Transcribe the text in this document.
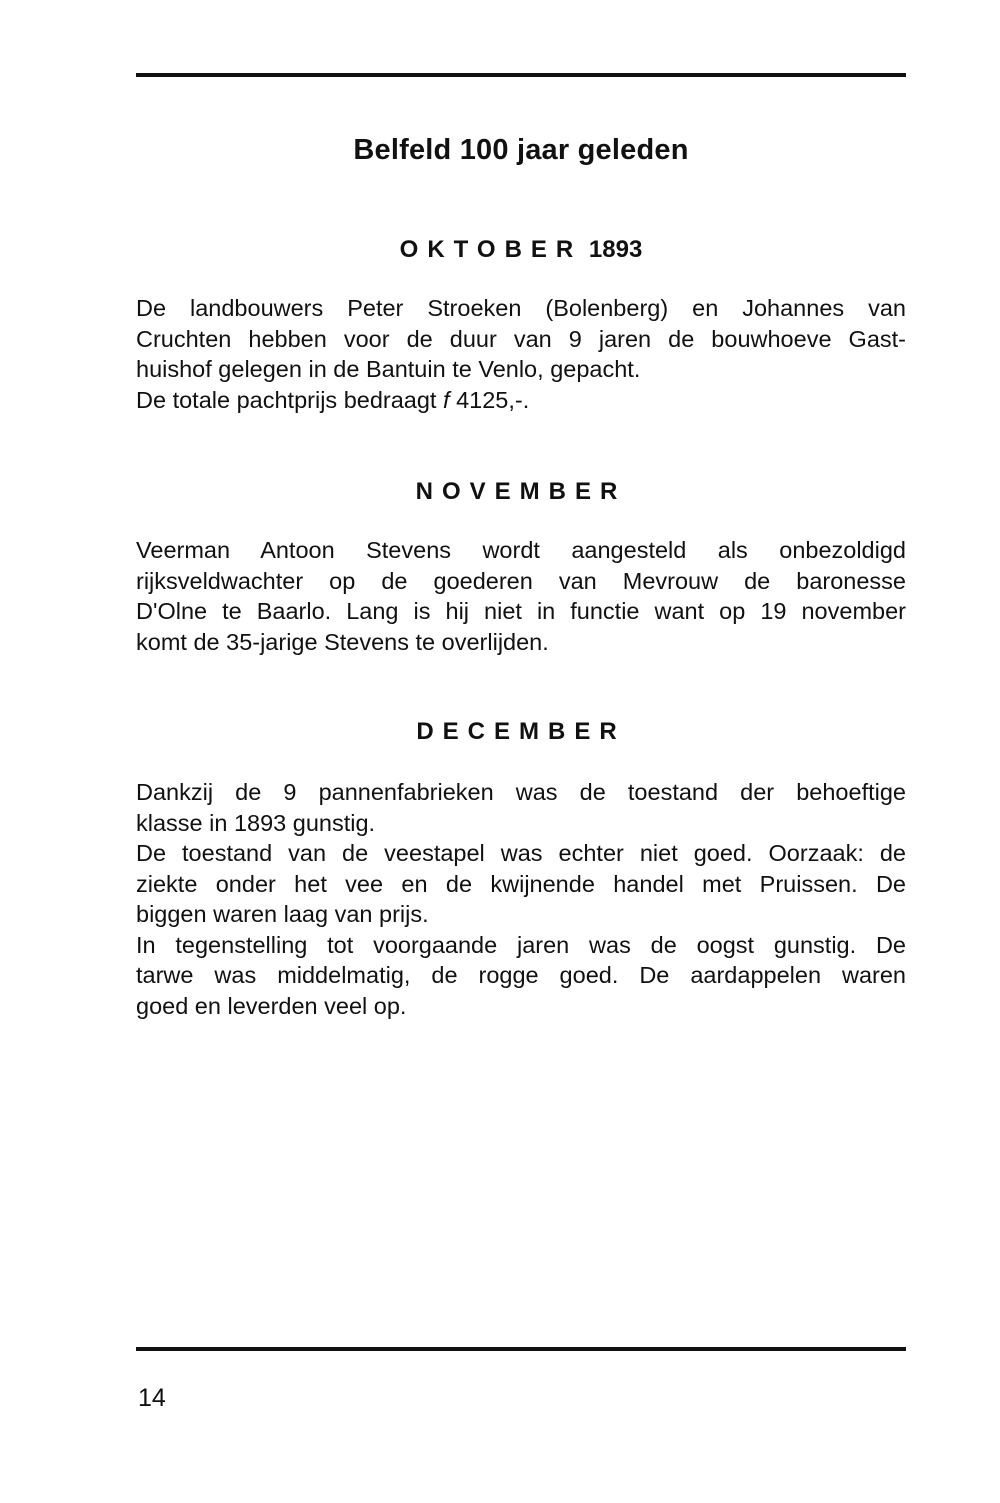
Belfeld 100 jaar geleden
OKTOBER 1893
De landbouwers Peter Stroeken (Bolenberg) en Johannes van
Cruchten hebben voor de duur van 9 jaren de bouwhoeve Gast-
huishof gelegen in de Bantuin te Venlo, gepacht.
De totale pachtprijs bedraagt f 4125,-.
NOVEMBER
Veerman Antoon Stevens wordt aangesteld als onbezoldigd
rijksveldwachter op de goederen van Mevrouw de baronesse
D'Olne te Baarlo. Lang is hij niet in functie want op 19 november
komt de 35-jarige Stevens te overlijden.
DECEMBER
Dankzij de 9 pannenfabrieken was de toestand der behoeftige
klasse in 1893 gunstig.
De toestand van de veestapel was echter niet goed. Oorzaak: de
ziekte onder het vee en de kwijnende handel met Pruissen. De
biggen waren laag van prijs.
In tegenstelling tot voorgaande jaren was de oogst gunstig. De
tarwe was middelmatig, de rogge goed. De aardappelen waren
goed en leverden veel op.

14
